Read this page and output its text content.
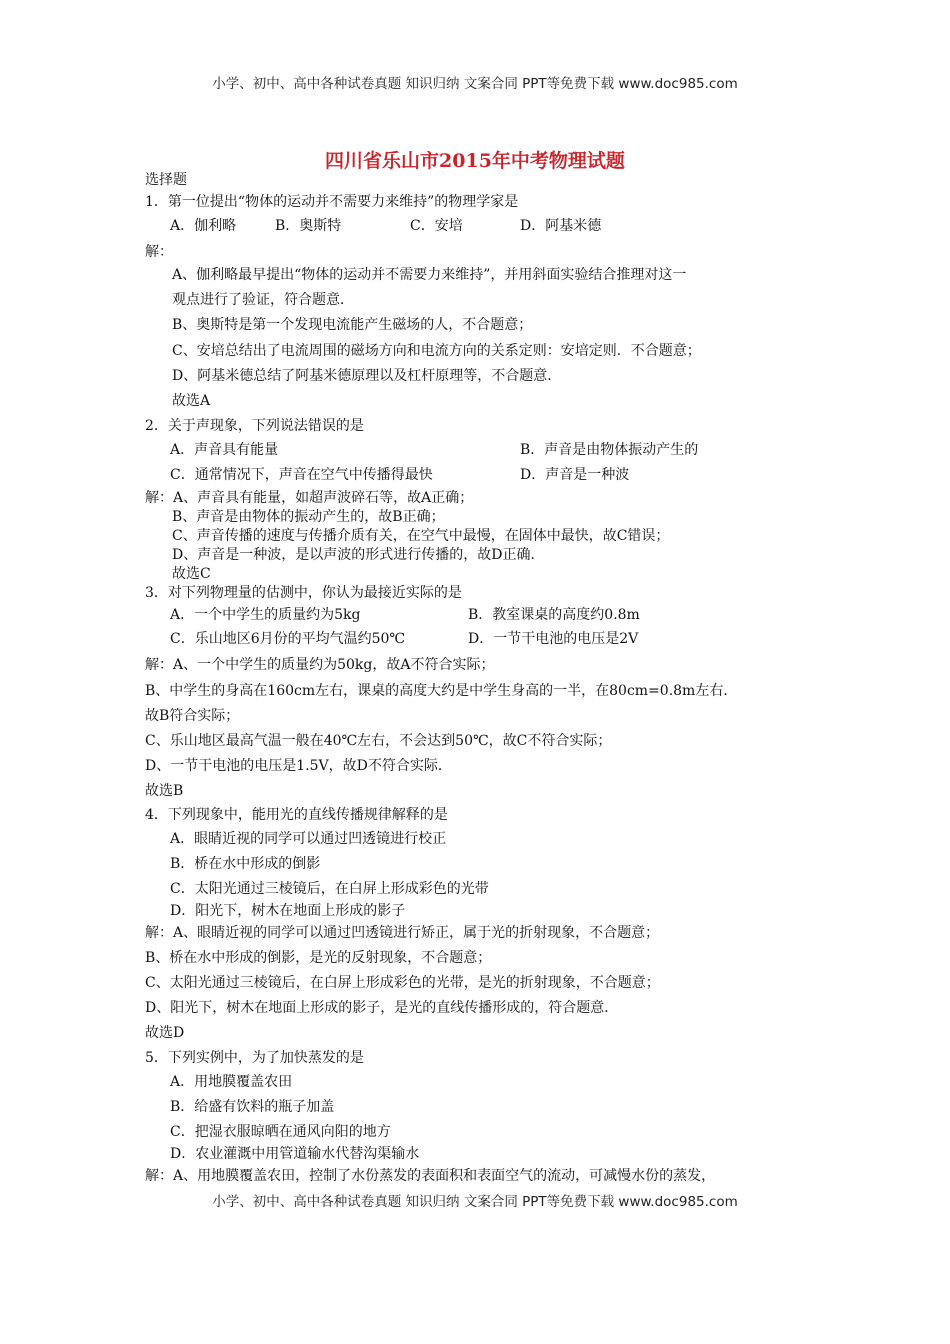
小学、初中、高中各种试卷真题 知识归纳 文案合同 PPT等免费下载 www.doc985.com
四川省乐山市2015年中考物理试题
选择题
1．第一位提出“物体的运动并不需要力来维持”的物理学家是
A．伽利略	B．奥斯特	C．安培	D．阿基米德
解：
A、伽利略最早提出“物体的运动并不需要力来维持”，并用斜面实验结合推理对这一
观点进行了验证，符合题意．
B、奥斯特是第一个发现电流能产生磁场的人，不合题意；
C、安培总结出了电流周围的磁场方向和电流方向的关系定则：安培定则．不合题意；
D、阿基米德总结了阿基米德原理以及杠杆原理等，不合题意．
故选A
2．关于声现象，下列说法错误的是
A．声音具有能量	B．声音是由物体振动产生的
C．通常情况下，声音在空气中传播得最快	D．声音是一种波
解：A、声音具有能量，如超声波碎石等，故A正确；
B、声音是由物体的振动产生的，故B正确；
C、声音传播的速度与传播介质有关，在空气中最慢，在固体中最快，故C错误；
D、声音是一种波，是以声波的形式进行传播的，故D正确．
故选C
3．对下列物理量的估测中，你认为最接近实际的是
A．一个中学生的质量约为5kg	B．教室课桌的高度约0.8m
C．乐山地区6月份的平均气温约50℃	D．一节干电池的电压是2V
解：A、一个中学生的质量约为50kg，故A不符合实际；
B、中学生的身高在160cm左右，课桌的高度大约是中学生身高的一半，在80cm=0.8m左右．
故B符合实际；
C、乐山地区最高气温一般在40℃左右，不会达到50℃，故C不符合实际；
D、一节干电池的电压是1.5V，故D不符合实际．
故选B
4．下列现象中，能用光的直线传播规律解释的是
A．眼睛近视的同学可以通过凹透镜进行校正
B．桥在水中形成的倒影
C．太阳光通过三棱镜后，在白屏上形成彩色的光带
D．阳光下，树木在地面上形成的影子
解：A、眼睛近视的同学可以通过凹透镜进行矫正，属于光的折射现象，不合题意；
B、桥在水中形成的倒影，是光的反射现象，不合题意；
C、太阳光通过三棱镜后，在白屏上形成彩色的光带，是光的折射现象，不合题意；
D、阳光下，树木在地面上形成的影子，是光的直线传播形成的，符合题意．
故选D
5．下列实例中，为了加快蒸发的是
A．用地膜覆盖农田
B．给盛有饮料的瓶子加盖
C．把湿衣服晾晒在通风向阳的地方
D．农业灌溉中用管道输水代替沟渠输水
解：A、用地膜覆盖农田，控制了水份蒸发的表面积和表面空气的流动，可减慢水份的蒸发，
小学、初中、高中各种试卷真题 知识归纳 文案合同 PPT等免费下载 www.doc985.com
